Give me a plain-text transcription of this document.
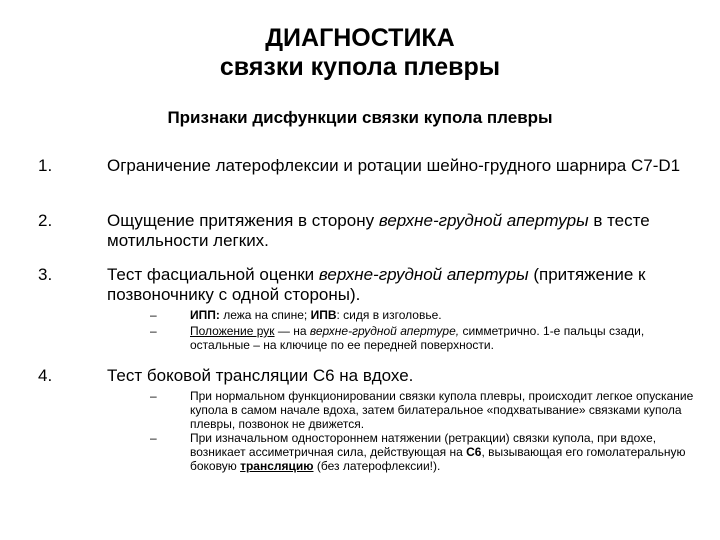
ДИАГНОСТИКА
связки купола плевры
Признаки дисфункции связки купола плевры
1.	Ограничение латерофлексии и ротации шейно-грудного шарнира С7-D1
2.	Ощущение притяжения в сторону верхне-грудной апертуры в тесте мотильности легких.
3.	Тест фасциальной оценки верхне-грудной апертуры (притяжение к позвоночнику с одной стороны).
–	ИПП: лежа на спине; ИПВ: сидя в изголовье.
–	Положение рук — на верхне-грудной апертуре, симметрично. 1-е пальцы сзади, остальные – на ключице по ее передней поверхности.
4.	Тест боковой трансляции С6 на вдохе.
–	При нормальном функционировании связки купола плевры, происходит легкое опускание купола в самом начале вдоха, затем билатеральное «подхватывание» связками купола плевры, позвонок не движется.
–	При изначальном одностороннем натяжении (ретракции) связки купола, при вдохе, возникает ассиметричная сила, действующая на С6, вызывающая его гомолатеральную боковую трансляцию (без латерофлексии!).
